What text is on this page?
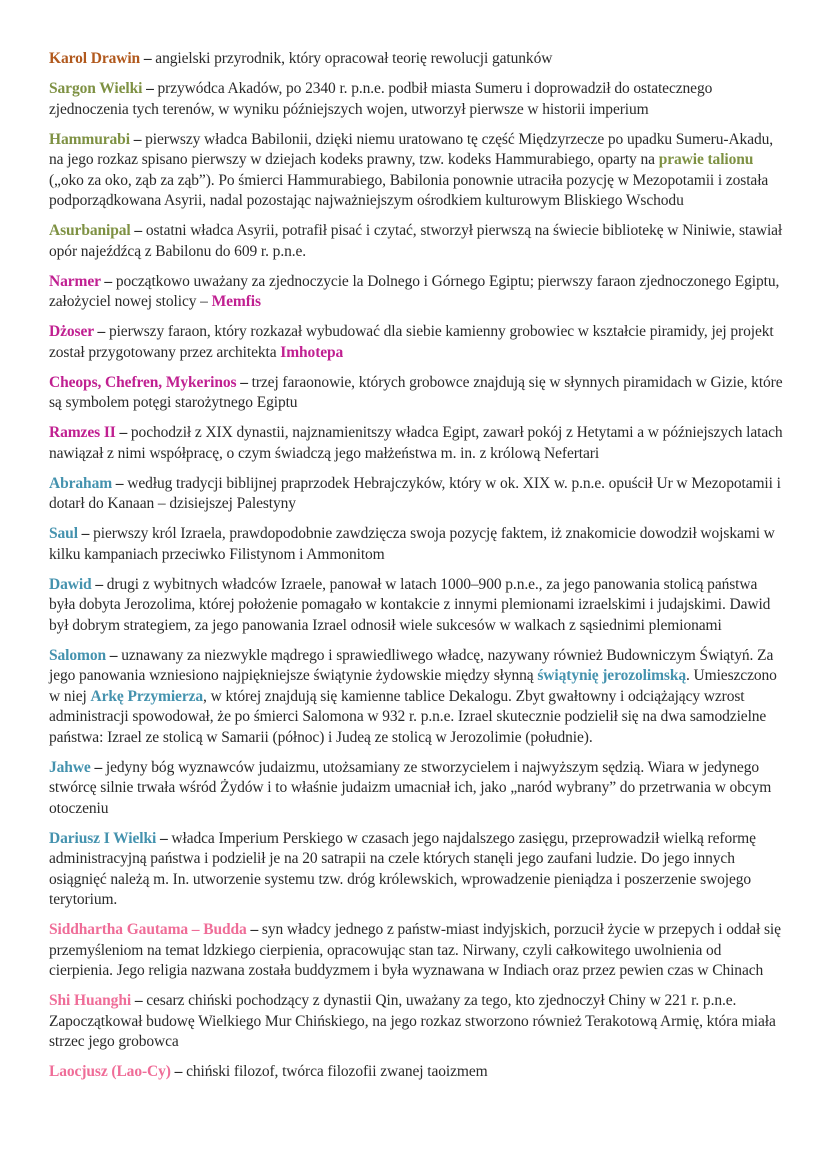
Karol Drawin – angielski przyrodnik, który opracował teorię rewolucji gatunków

Sargon Wielki – przywódca Akadów, po 2340 r. p.n.e. podbił miasta Sumeru i doprowadził do ostatecznego zjednoczenia tych terenów, w wyniku późniejszych wojen, utworzył pierwsze w historii imperium

Hammurabi – pierwszy władca Babilonii, dzięki niemu uratowano tę część Międzyrzecze po upadku Sumeru-Akadu, na jego rozkaz spisano pierwszy w dziejach kodeks prawny, tzw. kodeks Hammurabiego, oparty na prawie talionu („oko za oko, ząb za ząb”). Po śmierci Hammurabiego, Babilonia ponownie utraciła pozycję w Mezopotamii i została podporządkowana Asyrii, nadal pozostając najważniejszym ośrodkiem kulturowym Bliskiego Wschodu

Asurbanipal – ostatni władca Asyrii, potrafił pisać i czytać, stworzył pierwszą na świecie bibliotekę w Niniwie, stawiał opór najeźdźcą z Babilonu do 609 r. p.n.e.

Narmer – początkowo uważany za zjednoczycie la Dolnego i Górnego Egiptu; pierwszy faraon zjednoczonego Egiptu, założyciel nowej stolicy – Memfis

Dżoser – pierwszy faraon, który rozkazał wybudować dla siebie kamienny grobowiec w kształcie piramidy, jej projekt został przygotowany przez architekta Imhotepa

Cheops, Chefren, Mykerinos – trzej faraonowie, których grobowce znajdują się w słynnych piramidach w Gizie, które są symbolem potęgi starożytnego Egiptu

Ramzes II – pochodził z XIX dynastii, najznamienitszy władca Egipt, zawarł pokój z Hetytami a w późniejszych latach nawiązał z nimi współpracę, o czym świadczą jego małżeństwa m. in. z królową Nefertari

Abraham – według tradycji biblijnej praprzodek Hebrajczyków, który w ok. XIX w. p.n.e. opuścił Ur w Mezopotamii i dotarł do Kanaan – dzisiejszej Palestyny

Saul – pierwszy król Izraela, prawdopodobnie zawdzięcza swoja pozycję faktem, iż znakomicie dowodził wojskami w kilku kampaniach przeciwko Filistynom i Ammonitom

Dawid – drugi z wybitnych władców Izraele, panował w latach 1000–900 p.n.e., za jego panowania stolicą państwa była dobyta Jerozolima, której położenie pomagało w kontakcie z innymi plemionami izraelskimi i judajskimi. Dawid był dobrym strategiem, za jego panowania Izrael odnosił wiele sukcesów w walkach z sąsiednimi plemionami

Salomon – uznawany za niezwykle mądrego i sprawiedliwego władcę, nazywany również Budowniczym Świątyń. Za jego panowania wzniesiono najpiękniejsze świątynie żydowskie między słynną świątynię jerozolimską. Umieszczono w niej Arkę Przymierza, w której znajdują się kamienne tablice Dekalogu. Zbyt gwałtowny i odciążający wzrost administracji spowodował, że po śmierci Salomona w 932 r. p.n.e. Izrael skutecznie podzielił się na dwa samodzielne państwa: Izrael ze stolicą w Samarii (północ) i Judeą ze stolicą w Jerozolimie (południe).

Jahwe – jedyny bóg wyznawców judaizmu, utożsamiany ze stworzycielem i najwyższym sędzią. Wiara w jedynego stwórcę silnie trwała wśród Żydów i to właśnie judaizm umacniał ich, jako „naród wybrany” do przetrwania w obcym otoczeniu

Dariusz I Wielki – władca Imperium Perskiego w czasach jego najdalszego zasięgu, przeprowadził wielką reformę administracyjną państwa i podzielił je na 20 satrapii na czele których stanęli jego zaufani ludzie. Do jego innych osiągnięć należą m. In. utworzenie systemu tzw. dróg królewskich, wprowadzenie pieniądza i poszerzenie swojego terytorium.

Siddhartha Gautama – Budda – syn władcy jednego z państw-miast indyjskich, porzucił życie w przepych i oddał się przemyśleniom na temat ldzkiego cierpienia, opracowując stan taz. Nirwany, czyli całkowitego uwolnienia od cierpienia. Jego religia nazwana została buddyzmem i była wyznawana w Indiach oraz przez pewien czas w Chinach

Shi Huanghi – cesarz chiński pochodzący z dynastii Qin, uważany za tego, kto zjednoczył Chiny w 221 r. p.n.e. Zapoczątkował budowę Wielkiego Mur Chińskiego, na jego rozkaz stworzono również Terakotową Armię, która miała strzec jego grobowca

Laocjusz (Lao-Cy) – chiński filozof, twórca filozofii zwanej taoizmem
